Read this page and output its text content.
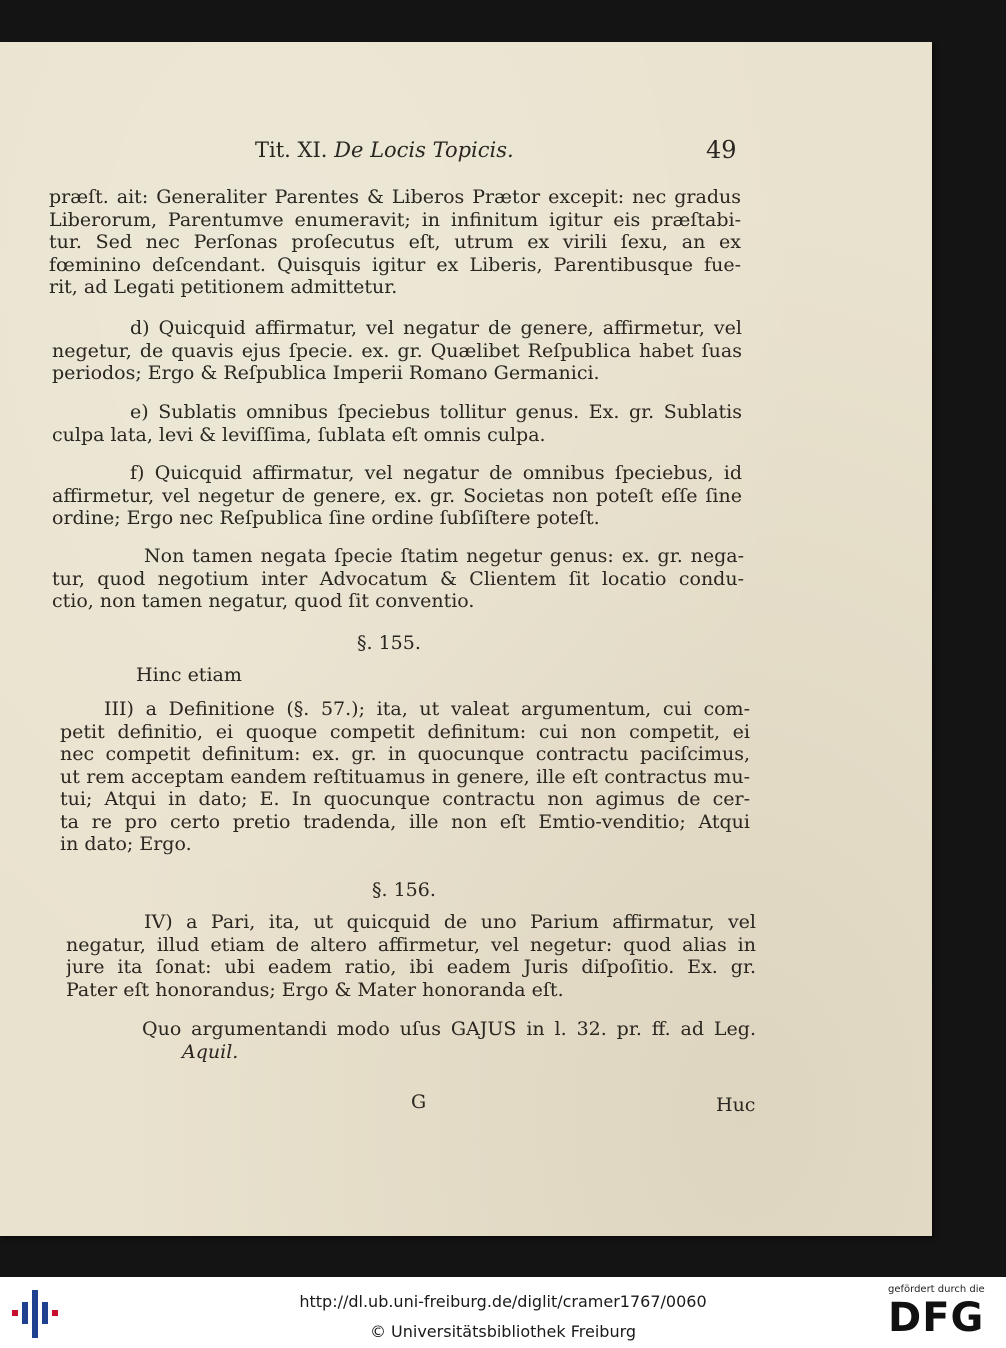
Tit. XI. De Locis Topicis.	49
præſt. ait: Generaliter Parentes & Liberos Prætor excepit: nec gradus
Liberorum, Parentumve enumeravit; in infinitum igitur eis præſtabi-
tur. Sed nec Perſonas proſecutus eſt, utrum ex virili ſexu, an ex
fœminino deſcendant. Quisquis igitur ex Liberis, Parentibusque fue-
rit, ad Legati petitionem admittetur.
d) Quicquid affirmatur, vel negatur de genere, affirmetur, vel
negetur, de quavis ejus ſpecie. ex. gr. Quælibet Reſpublica habet ſuas
periodos; Ergo & Reſpublica Imperii Romano Germanici.
e) Sublatis omnibus ſpeciebus tollitur genus. Ex. gr. Sublatis
culpa lata, levi & leviſſima, ſublata eſt omnis culpa.
f) Quicquid affirmatur, vel negatur de omnibus ſpeciebus, id
affirmetur, vel negetur de genere, ex. gr. Societas non poteſt eſſe ſine
ordine; Ergo nec Reſpublica ſine ordine ſubſiſtere poteſt.
Non tamen negata ſpecie ſtatim negetur genus: ex. gr. nega-
tur, quod negotium inter Advocatum & Clientem ſit locatio condu-
ctio, non tamen negatur, quod ſit conventio.
§. 155.
Hinc etiam
III) a Definitione (§. 57.); ita, ut valeat argumentum, cui com-
petit definitio, ei quoque competit definitum: cui non competit, ei
nec competit definitum: ex. gr. in quocunque contractu paciſcimus,
ut rem acceptam eandem reſtituamus in genere, ille eſt contractus mu-
tui; Atqui in dato; E. In quocunque contractu non agimus de cer-
ta re pro certo pretio tradenda, ille non eſt Emtio-venditio; Atqui
in dato; Ergo.
§. 156.
IV) a Pari, ita, ut quicquid de uno Parium affirmatur, vel
negatur, illud etiam de altero affirmetur, vel negetur: quod alias in
jure ita ſonat: ubi eadem ratio, ibi eadem Juris diſpoſitio. Ex. gr.
Pater eſt honorandus; Ergo & Mater honoranda eſt.
Quo argumentandi modo uſus GAJUS in l. 32. pr. ff. ad Leg.
Aquil.
G	Huc
http://dl.ub.uni-freiburg.de/diglit/cramer1767/0060
© Universitätsbibliothek Freiburg
gefördert durch die
DFG
